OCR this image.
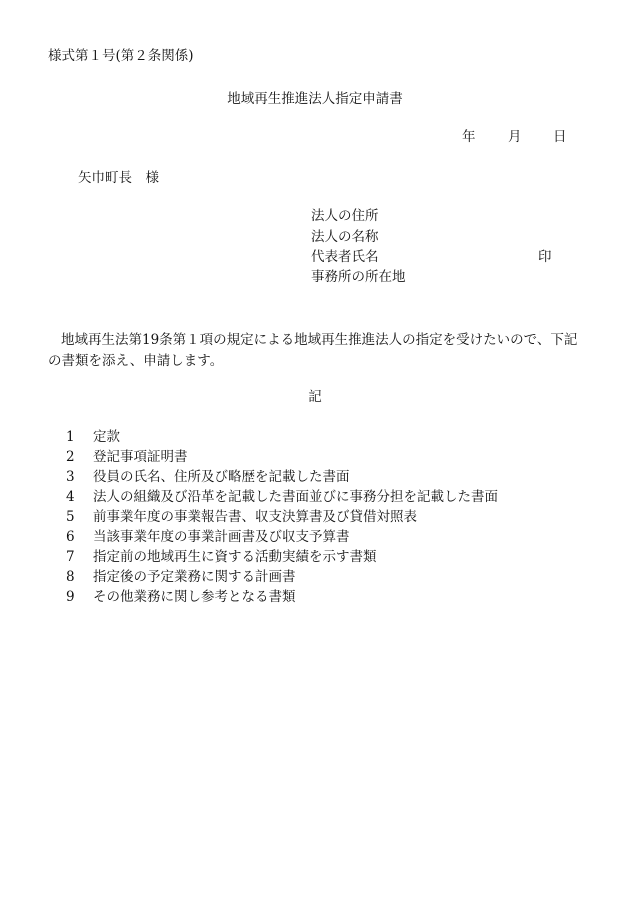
様式第１号(第２条関係)
地域再生推進法人指定申請書
年 月 日
矢巾町長　様
法人の住所
法人の名称
代表者氏名	印
事務所の所在地
地域再生法第19条第１項の規定による地域再生推進法人の指定を受けたいので、下記の書類を添え、申請します。
記
1 定款
2 登記事項証明書
3 役員の氏名、住所及び略歴を記載した書面
4 法人の組織及び沿革を記載した書面並びに事務分担を記載した書面
5 前事業年度の事業報告書、収支決算書及び貸借対照表
6 当該事業年度の事業計画書及び収支予算書
7 指定前の地域再生に資する活動実績を示す書類
8 指定後の予定業務に関する計画書
9 その他業務に関し参考となる書類
